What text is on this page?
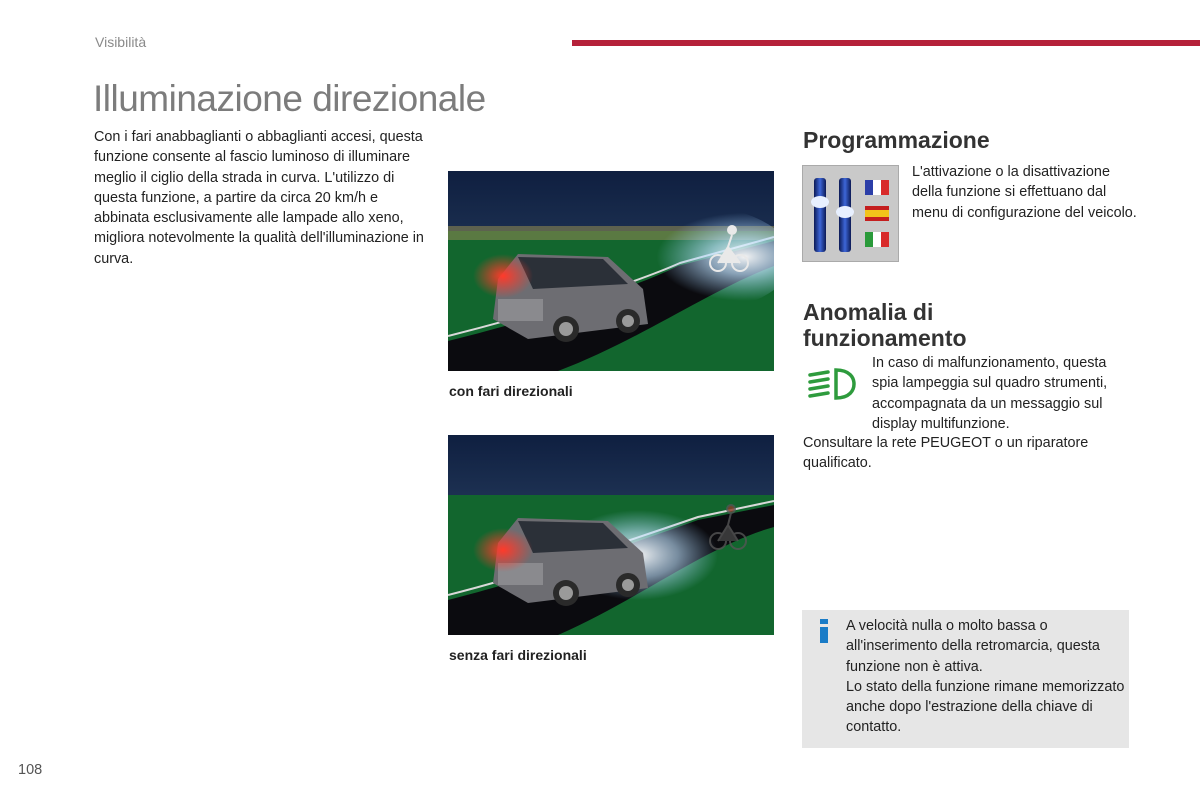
Visibilità
Illuminazione direzionale

Con i fari anabbaglianti o abbaglianti accesi, questa funzione consente al fascio luminoso di illuminare meglio il ciglio della strada in curva. L'utilizzo di questa funzione, a partire da circa 20 km/h e abbinata esclusivamente alle lampade allo xeno, migliora notevolmente la qualità dell'illuminazione in curva.

con fari direzionali
senza fari direzionali
Programmazione

L'attivazione o la disattivazione della funzione si effettuano dal menu di configurazione del veicolo.

Anomalia di funzionamento

In caso di malfunzionamento, questa spia lampeggia sul quadro strumenti, accompagnata da un messaggio sul display multifunzione.

Consultare la rete PEUGEOT o un riparatore qualificato.

A velocità nulla o molto bassa o all'inserimento della retromarcia, questa funzione non è attiva.

Lo stato della funzione rimane memorizzato anche dopo l'estrazione della chiave di contatto.

108
